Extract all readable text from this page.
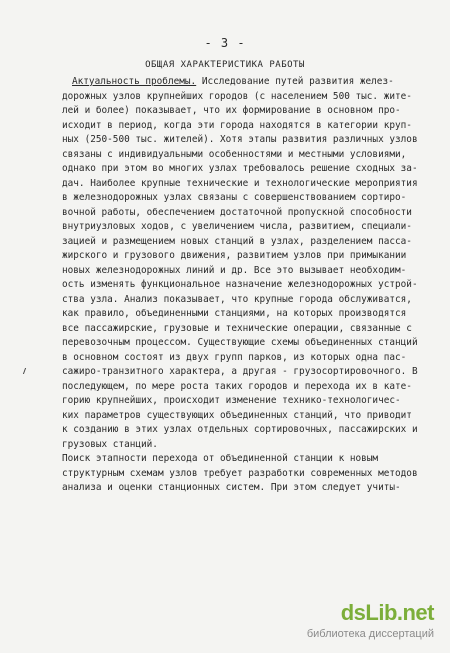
- 3 -
ОБЩАЯ ХАРАКТЕРИСТИКА РАБОТЫ
Актуальность проблемы. Исследование путей развития желез-
дорожных узлов крупнейших городов (с населением 500 тыс. жите-
лей и более) показывает, что их формирование в основном про-
исходит в период, когда эти города находятся в категории круп-
ных (250-500 тыс. жителей). Хотя этапы развития различных узлов
связаны с индивидуальными особенностями и местными условиями,
однако при этом во многих узлах требовалось решение сходных за-
дач. Наиболее крупные технические и технологические мероприятия
в железнодорожных узлах связаны с совершенствованием сортиро-
вочной работы, обеспечением достаточной пропускной способности
внутриузловых ходов, с увеличением числа, развитием, специали-
зацией и размещением новых станций в узлах, разделением пасса-
жирского и грузового движения, развитием узлов при примыкании
новых железнодорожных линий и др. Все это вызывает необходим-
ость изменять функциональное назначение железнодорожных устрой-
ства узла. Анализ показывает, что крупные города обслуживатся,
как правило, объединенными станциями, на которых производятся
все пассажирские, грузовые и технические операции, связанные с
перевозочным процессом. Существующие схемы объединенных станций
в основном состоят из двух групп парков, из которых одна пас-
сажиро-транзитного характера, а другая - грузосортировочного. В
последующем, по мере роста таких городов и перехода их в кате-
горию крупнейших, происходит изменение технико-технологичес-
ких параметров существующих объединенных станций, что приводит
к созданию в этих узлах отдельных сортировочных, пассажирских и
грузовых станций.
Поиск этапности перехода от объединенной станции к новым
структурным схемам узлов требует разработки современных методов
анализа и оценки станционных систем. При этом следует учиты-
dsLib.net
библиотека диссертаций
